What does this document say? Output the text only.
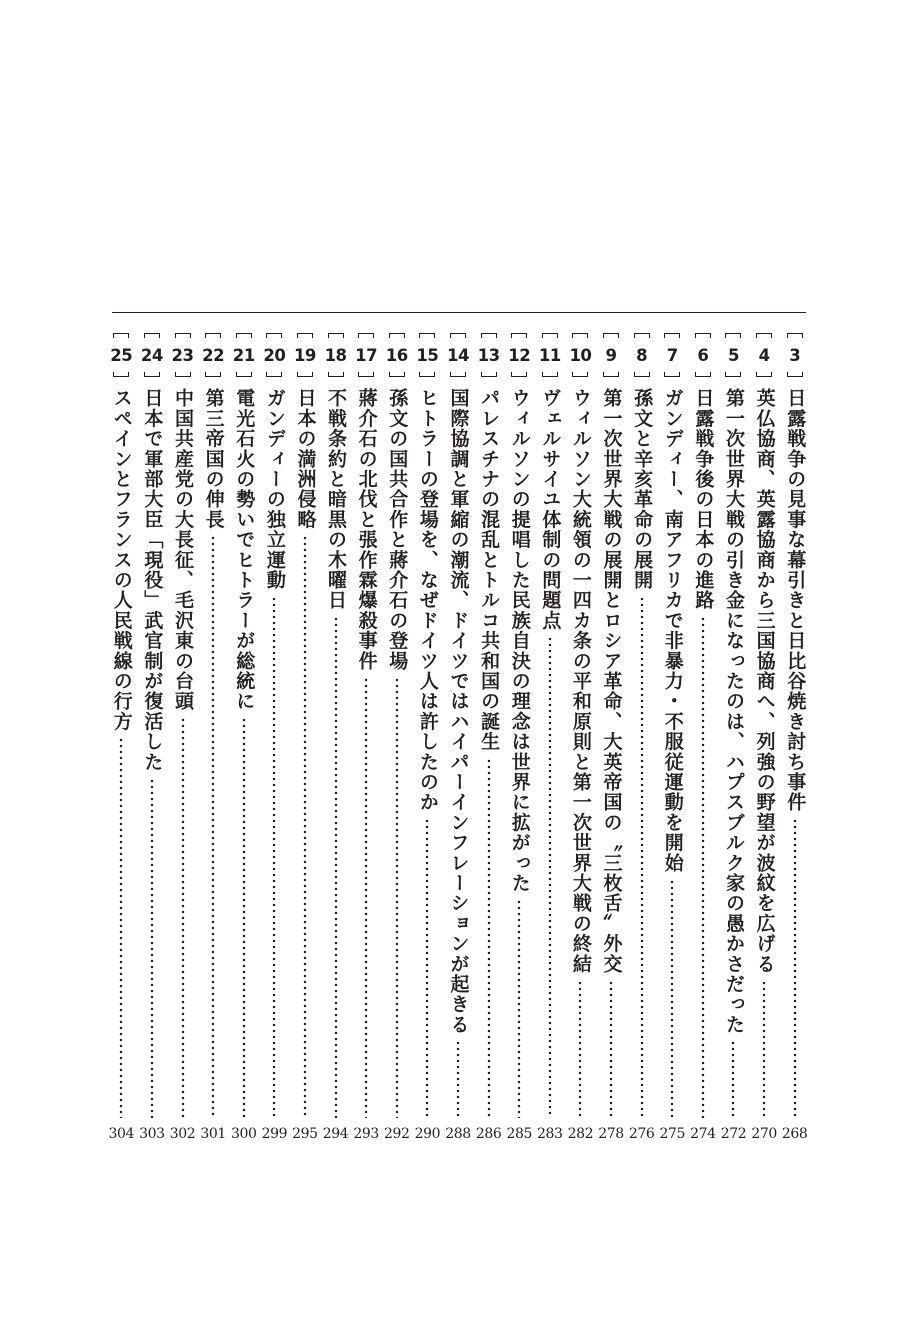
3
日露戦争の見事な幕引きと日比谷焼き討ち事件
268
4
英仏協商、英露協商から三国協商へ、列強の野望が波紋を広げる
270
5
第一次世界大戦の引き金になったのは、ハプスブルク家の愚かさだった
272
6
日露戦争後の日本の進路
274
7
ガンディー、南アフリカで非暴力・不服従運動を開始
275
8
孫文と辛亥革命の展開
276
9
第一次世界大戦の展開とロシア革命、大英帝国の〝三枚舌〟外交
278
10
ウィルソン大統領の一四カ条の平和原則と第一次世界大戦の終結
282
11
ヴェルサイユ体制の問題点
283
12
ウィルソンの提唱した民族自決の理念は世界に拡がった
285
13
パレスチナの混乱とトルコ共和国の誕生
286
14
国際協調と軍縮の潮流、ドイツではハイパーインフレーションが起きる
288
15
ヒトラーの登場を、なぜドイツ人は許したのか
290
16
孫文の国共合作と蔣介石の登場
292
17
蔣介石の北伐と張作霖爆殺事件
293
18
不戦条約と暗黒の木曜日
294
19
日本の満洲侵略
295
20
ガンディーの独立運動
299
21
電光石火の勢いでヒトラーが総統に
300
22
第三帝国の伸長
301
23
中国共産党の大長征、毛沢東の台頭
302
24
日本で軍部大臣「現役」武官制が復活した
303
25
スペインとフランスの人民戦線の行方
304
